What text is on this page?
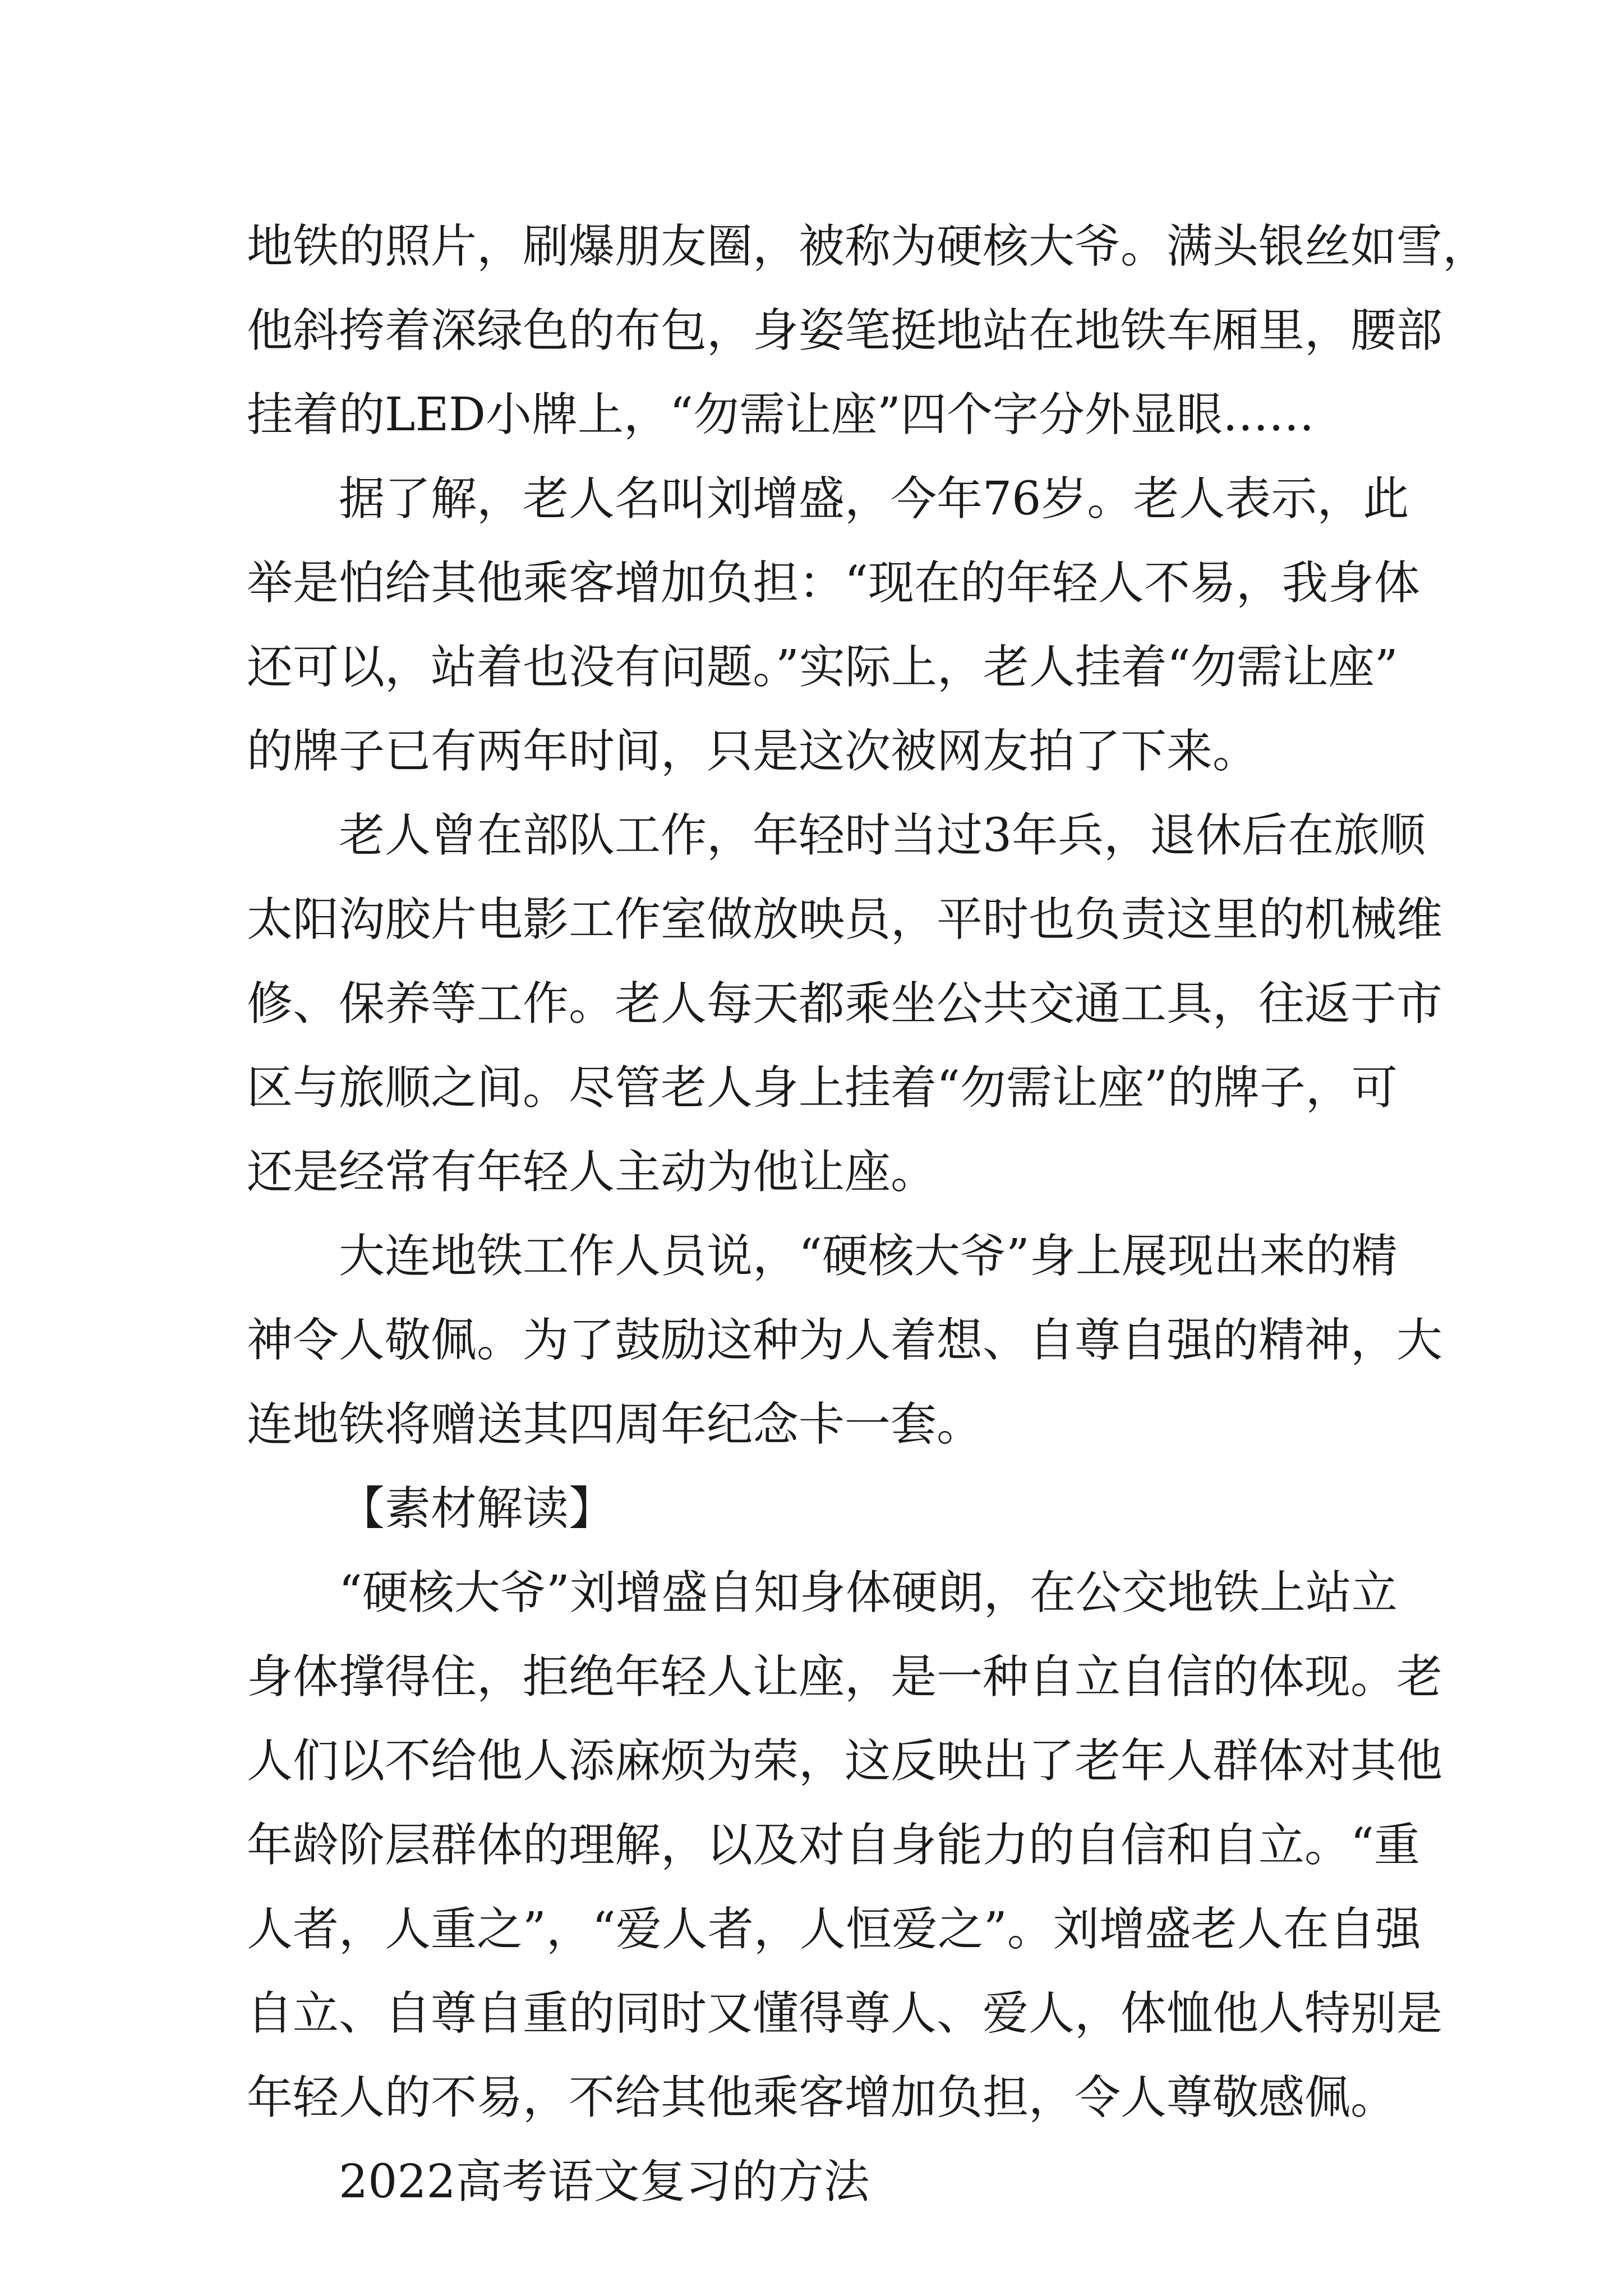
地铁的照片，刷爆朋友圈，被称为硬核大爷。满头银丝如雪，
他斜挎着深绿色的布包，身姿笔挺地站在地铁车厢里，腰部
挂着的LED小牌上，“勿需让座”四个字分外显眼……
据了解，老人名叫刘增盛，今年76岁。老人表示，此
举是怕给其他乘客增加负担：“现在的年轻人不易，我身体
还可以，站着也没有问题。”实际上，老人挂着“勿需让座”
的牌子已有两年时间，只是这次被网友拍了下来。
老人曾在部队工作，年轻时当过3年兵，退休后在旅顺
太阳沟胶片电影工作室做放映员，平时也负责这里的机械维
修、保养等工作。老人每天都乘坐公共交通工具，往返于市
区与旅顺之间。尽管老人身上挂着“勿需让座”的牌子，可
还是经常有年轻人主动为他让座。
大连地铁工作人员说，“硬核大爷”身上展现出来的精
神令人敬佩。为了鼓励这种为人着想、自尊自强的精神，大
连地铁将赠送其四周年纪念卡一套。
【素材解读】
“硬核大爷”刘增盛自知身体硬朗，在公交地铁上站立
身体撑得住，拒绝年轻人让座，是一种自立自信的体现。老
人们以不给他人添麻烦为荣，这反映出了老年人群体对其他
年龄阶层群体的理解，以及对自身能力的自信和自立。“重
人者，人重之”，“爱人者，人恒爱之”。刘增盛老人在自强
自立、自尊自重的同时又懂得尊人、爱人，体恤他人特别是
年轻人的不易，不给其他乘客增加负担，令人尊敬感佩。
2022高考语文复习的方法
